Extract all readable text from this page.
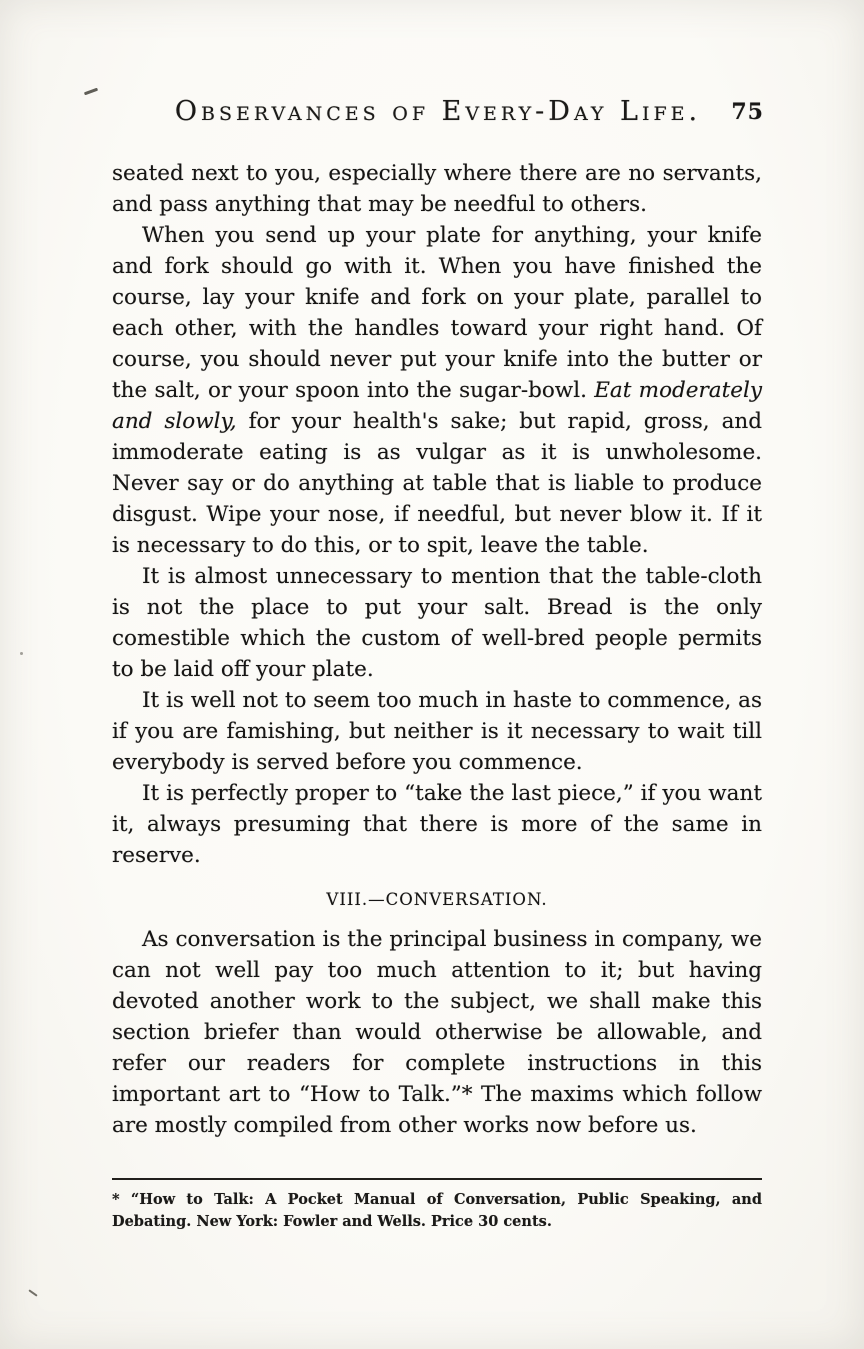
Observances of Every-Day Life. 75

seated next to you, especially where there are no servants, and pass anything that may be needful to others.

When you send up your plate for anything, your knife and fork should go with it. When you have finished the course, lay your knife and fork on your plate, parallel to each other, with the handles toward your right hand. Of course, you should never put your knife into the butter or the salt, or your spoon into the sugar-bowl. Eat moderately and slowly, for your health's sake; but rapid, gross, and immoderate eating is as vulgar as it is unwholesome. Never say or do anything at table that is liable to produce disgust. Wipe your nose, if needful, but never blow it. If it is necessary to do this, or to spit, leave the table.

It is almost unnecessary to mention that the table-cloth is not the place to put your salt. Bread is the only comestible which the custom of well-bred people permits to be laid off your plate.

It is well not to seem too much in haste to commence, as if you are famishing, but neither is it necessary to wait till everybody is served before you commence.

It is perfectly proper to “take the last piece,” if you want it, always presuming that there is more of the same in reserve.

VIII.—CONVERSATION.

As conversation is the principal business in company, we can not well pay too much attention to it; but having devoted another work to the subject, we shall make this section briefer than would otherwise be allowable, and refer our readers for complete instructions in this important art to “How to Talk.”* The maxims which follow are mostly compiled from other works now before us.

* “How to Talk: A Pocket Manual of Conversation, Public Speaking, and Debating. New York: Fowler and Wells. Price 30 cents.
